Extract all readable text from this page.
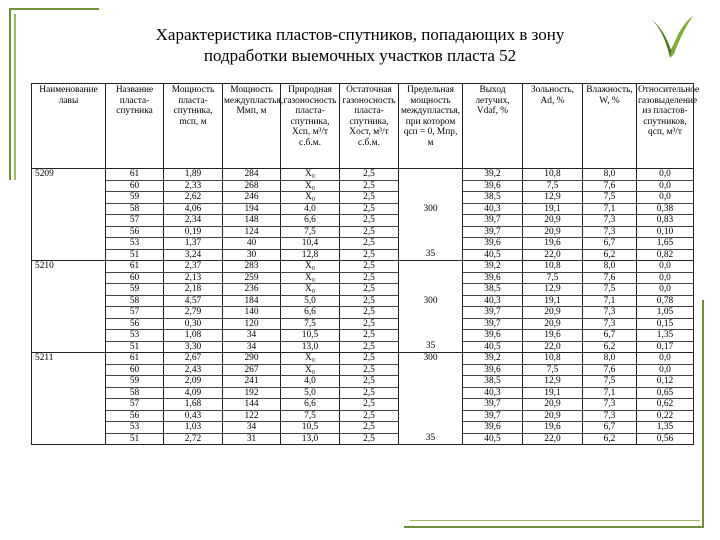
Характеристика пластов-спутников, попадающих в зону
подработки выемочных участков пласта 52
Наименование лавы	Название пласта-спутника	Мощность пласта-спутника, mсп, м	Мощность междупластья, Mмп, м	Природная газоносность пласта-спутника, Xсп, м³/т с.б.м.	Остаточная газоносность пласта-спутника, Xост, м³/т с.б.м.	Предельная мощность междупластья, при котором qсп = 0, Mпр, м	Выход летучих, Vdaf, %	Зольность, Ad, %	Влажность, W, %	Относительное газовыделение из пластов-спутников, qсп, м³/т
5209	61	1,89	284	X₀	2,5		39,2	10,8	8,0	0,0
	60	2,33	268	X₀	2,5		39,6	7,5	7,6	0,0
	59	2,62	246	X₀	2,5		38,5	12,9	7,5	0,0
	58	4,06	194	4,0	2,5	300	40,3	19,1	7,1	0,38
	57	2,34	148	6,6	2,5		39,7	20,9	7,3	0,83
	56	0,19	124	7,5	2,5		39,7	20,9	7,3	0,10
	53	1,37	40	10,4	2,5		39,6	19,6	6,7	1,65
	51	3,24	30	12,8	2,5	35	40,5	22,0	6,2	0,82
5210	61	2,37	283	X₀	2,5		39,2	10,8	8,0	0,0
	60	2,13	259	X₀	2,5		39,6	7,5	7,6	0,0
	59	2,18	236	X₀	2,5		38,5	12,9	7,5	0,0
	58	4,57	184	5,0	2,5	300	40,3	19,1	7,1	0,78
	57	2,79	140	6,6	2,5		39,7	20,9	7,3	1,05
	56	0,30	120	7,5	2,5		39,7	20,9	7,3	0,15
	53	1,08	34	10,5	2,5		39,6	19,6	6,7	1,35
	51	3,30	34	13,0	2,5	35	40,5	22,0	6,2	0,17
5211	61	2,67	290	X₀	2,5	300	39,2	10,8	8,0	0,0
	60	2,43	267	X₀	2,5		39,6	7,5	7,6	0,0
	59	2,09	241	4,0	2,5		38,5	12,9	7,5	0,12
	58	4,09	192	5,0	2,5		40,3	19,1	7,1	0,65
	57	1,68	144	6,6	2,5		39,7	20,9	7,3	0,62
	56	0,43	122	7,5	2,5		39,7	20,9	7,3	0,22
	53	1,03	34	10,5	2,5		39,6	19,6	6,7	1,35
	51	2,72	31	13,0	2,5	35	40,5	22,0	6,2	0,56
